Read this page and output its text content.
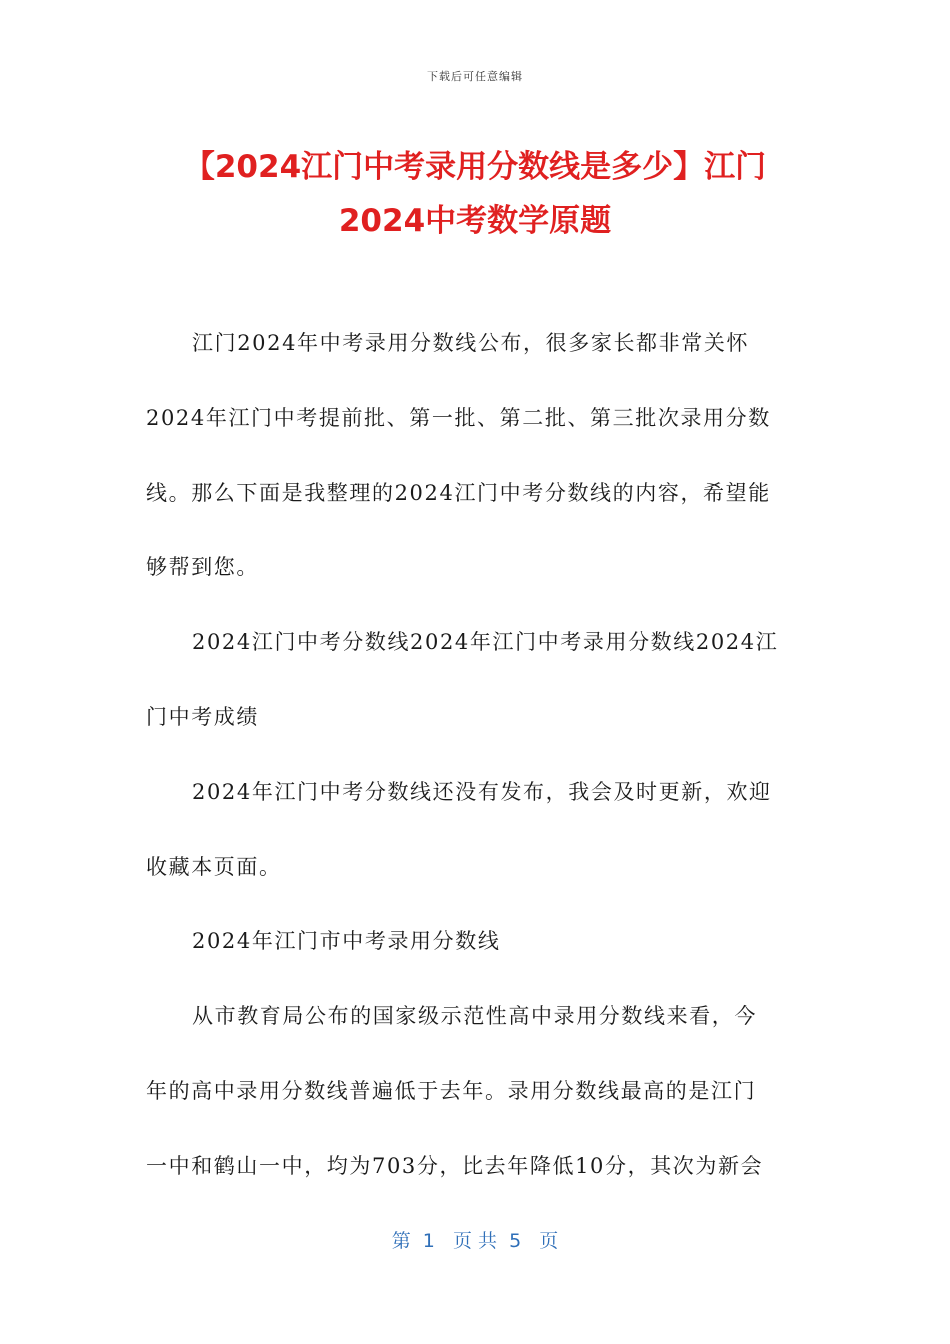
下载后可任意编辑
【2024江门中考录用分数线是多少】江门
2024中考数学原题
江门2024年中考录用分数线公布，很多家长都非常关怀
2024年江门中考提前批、第一批、第二批、第三批次录用分数
线。那么下面是我整理的2024江门中考分数线的内容，希望能
够帮到您。
2024江门中考分数线2024年江门中考录用分数线2024江
门中考成绩
2024年江门中考分数线还没有发布，我会及时更新，欢迎
收藏本页面。
2024年江门市中考录用分数线
从市教育局公布的国家级示范性高中录用分数线来看，今
年的高中录用分数线普遍低于去年。录用分数线最高的是江门
一中和鹤山一中，均为703分，比去年降低10分，其次为新会
第  1   页 共  5   页
